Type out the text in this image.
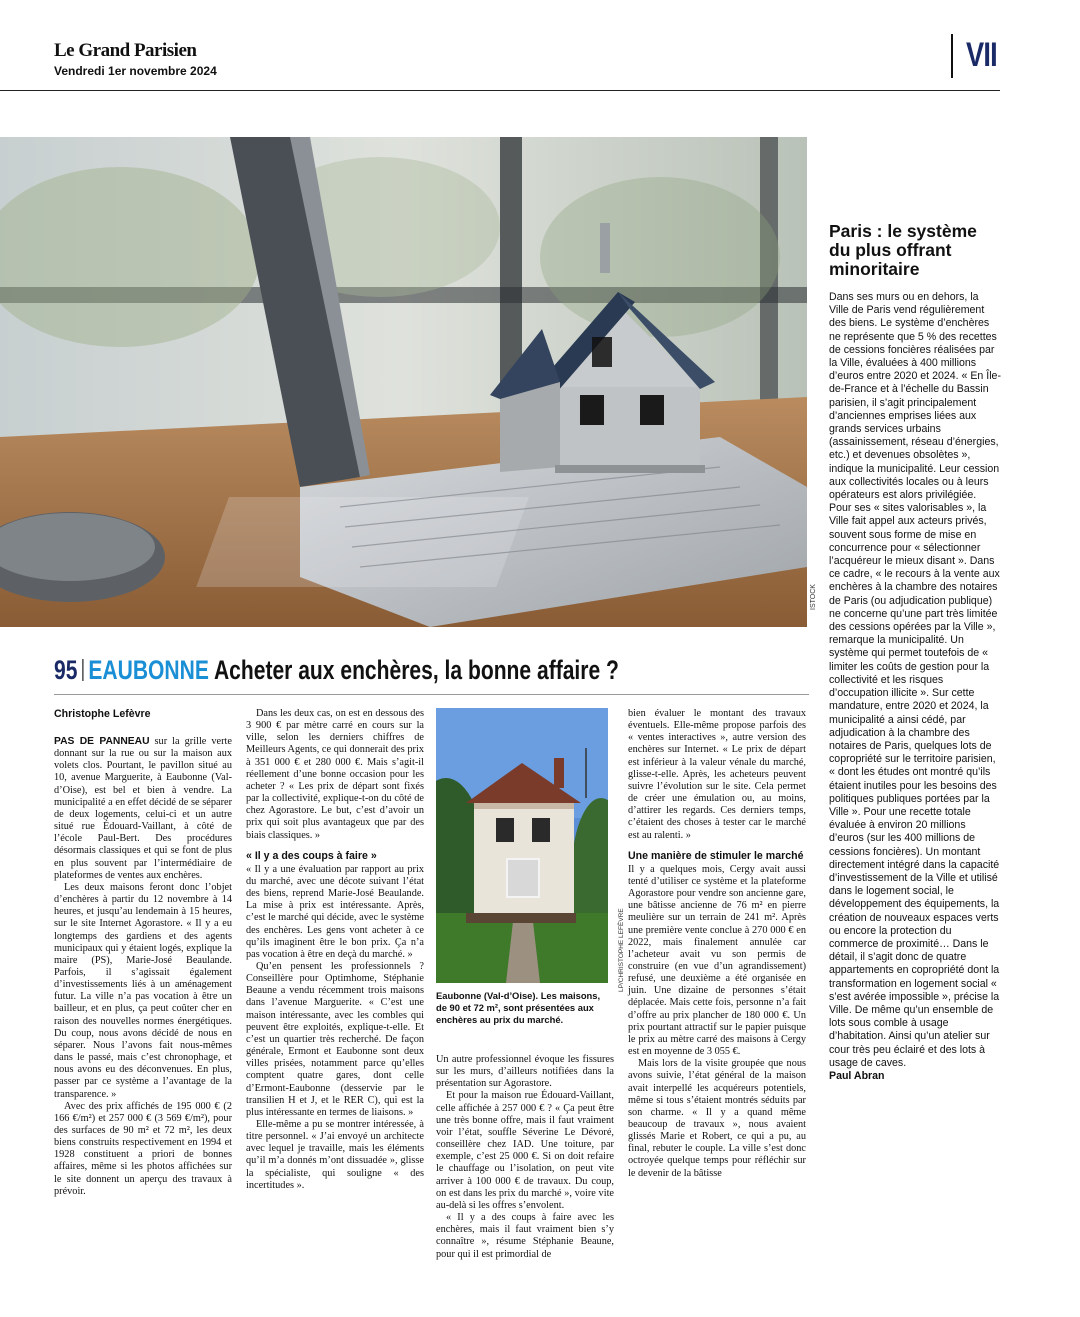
Le Grand Parisien
Vendredi 1er novembre 2024	VII
ISTOCK
Paris : le système du plus offrant minoritaire

Dans ses murs ou en dehors, la Ville de Paris vend régulièrement des biens. Le système d’enchères ne représente que 5 % des recettes de cessions foncières réalisées par la Ville, évaluées à 400 millions d’euros entre 2020 et 2024. « En Île-de-France et à l’échelle du Bassin parisien, il s’agit principalement d’anciennes emprises liées aux grands services urbains (assainissement, réseau d’énergies, etc.) et devenues obsolètes », indique la municipalité. Leur cession aux collectivités locales ou à leurs opérateurs est alors privilégiée. Pour ses « sites valorisables », la Ville fait appel aux acteurs privés, souvent sous forme de mise en concurrence pour « sélectionner l’acquéreur le mieux disant ». Dans ce cadre, « le recours à la vente aux enchères à la chambre des notaires de Paris (ou adjudication publique) ne concerne qu’une part très limitée des cessions opérées par la Ville », remarque la municipalité. Un système qui permet toutefois de « limiter les coûts de gestion pour la collectivité et les risques d’occupation illicite ». Sur cette mandature, entre 2020 et 2024, la municipalité a ainsi cédé, par adjudication à la chambre des notaires de Paris, quelques lots de copropriété sur le territoire parisien, « dont les études ont montré qu’ils étaient inutiles pour les besoins des politiques publiques portées par la Ville ». Pour une recette totale évaluée à environ 20 millions d’euros (sur les 400 millions de cessions foncières). Un montant directement intégré dans la capacité d’investissement de la Ville et utilisé dans le logement social, le développement des équipements, la création de nouveaux espaces verts ou encore la protection du commerce de proximité… Dans le détail, il s’agit donc de quatre appartements en copropriété dont la transformation en logement social « s’est avérée impossible », précise la Ville. De même qu’un ensemble de lots sous comble à usage d’habitation. Ainsi qu’un atelier sur cour très peu éclairé et des lots à usage de caves.

Paul Abran
95 EAUBONNE Acheter aux enchères, la bonne affaire ?

PAS DE PANNEAU sur la grille verte donnant sur la rue ou sur la maison aux volets clos. Pourtant, le pavillon situé au 10, avenue Marguerite, à Eaubonne (Val-d’Oise), est bel et bien à vendre. La municipalité a en effet décidé de se séparer de deux logements, celui-ci et un autre situé rue Édouard-Vaillant, à côté de l’école Paul-Bert. Des procédures désormais classiques et qui se font de plus en plus souvent par l’intermédiaire de plateformes de ventes aux enchères.

Les deux maisons feront donc l’objet d’enchères à partir du 12 novembre à 14 heures, et jusqu’au lendemain à 15 heures, sur le site Internet Agorastore. « Il y a eu longtemps des gardiens et des agents municipaux qui y étaient logés, explique la maire (PS), Marie-José Beaulande. Parfois, il s’agissait également d’investissements liés à un aménagement futur. La ville n’a pas vocation à être un bailleur, et en plus, ça peut coûter cher en raison des nouvelles normes énergétiques. Du coup, nous avons décidé de nous en séparer. Nous l’avons fait nous-mêmes dans le passé, mais c’est chronophage, et nous avons eu des déconvenues. En plus, passer par ce système a l’avantage de la transparence. »

Avec des prix affichés de 195 000 € (2 166 €/m²) et 257 000 € (3 569 €/m²), pour des surfaces de 90 m² et 72 m², les deux biens construits respectivement en 1994 et 1928 constituent a priori de bonnes affaires, même si les photos affichées sur le site donnent un aperçu des travaux à prévoir.

Christophe Lefèvre	Dans les deux cas, on est en dessous des 3 900 € par mètre carré en cours sur la ville, selon les derniers chiffres de Meilleurs Agents, ce qui donnerait des prix à 351 000 € et 280 000 €. Mais s’agit-il réellement d’une bonne occasion pour les acheter ? « Les prix de départ sont fixés par la collectivité, explique-t-on du côté de chez Agorastore. Le but, c’est d’avoir un prix qui soit plus avantageux que par des biais classiques. »

« Il y a des coups à faire »

« Il y a une évaluation par rapport au prix du marché, avec une décote suivant l’état des biens, reprend Marie-José Beaulande. La mise à prix est intéressante. Après, c’est le marché qui décide, avec le système des enchères. Les gens vont acheter à ce qu’ils imaginent être le bon prix. Ça n’a pas vocation à être en deçà du marché. »

Qu’en pensent les professionnels ? Conseillère pour Optimhome, Stéphanie Beaune a vendu récemment trois maisons dans l’avenue Marguerite. « C’est une maison intéressante, avec les combles qui peuvent être exploités, explique-t-elle. Et c’est un quartier très recherché. De façon générale, Ermont et Eaubonne sont deux villes prisées, notamment parce qu’elles comptent quatre gares, dont celle d’Ermont-Eaubonne (desservie par le transilien H et J, et le RER C), qui est la plus intéressante en termes de liaisons. »

Elle-même a pu se montrer intéressée, à titre personnel. « J’ai envoyé un architecte avec lequel je travaille, mais les éléments qu’il m’a donnés m’ont dissuadée », glisse la spécialiste, qui souligne « des incertitudes ».

LP/CHRISTOPHE LEFÈVRE
Eaubonne (Val-d’Oise). Les maisons, de 90 et 72 m², sont présentées aux enchères au prix du marché.

Un autre professionnel évoque les fissures sur les murs, d’ailleurs notifiées dans la présentation sur Agorastore.

Et pour la maison rue Édouard-Vaillant, celle affichée à 257 000 € ? « Ça peut être une très bonne offre, mais il faut vraiment voir l’état, souffle Séverine Le Dévoré, conseillère chez IAD. Une toiture, par exemple, c’est 25 000 €. Si on doit refaire le chauffage ou l’isolation, on peut vite arriver à 100 000 € de travaux. Du coup, on est dans les prix du marché », voire vite au-delà si les offres s’envolent.

« Il y a des coups à faire avec les enchères, mais il faut vraiment bien s’y connaître », résume Stéphanie Beaune, pour qui il est primordial de

bien évaluer le montant des travaux éventuels. Elle-même propose parfois des « ventes interactives », autre version des enchères sur Internet. « Le prix de départ est inférieur à la valeur vénale du marché, glisse-t-elle. Après, les acheteurs peuvent suivre l’évolution sur le site. Cela permet de créer une émulation ou, au moins, d’attirer les regards. Ces derniers temps, c’étaient des choses à tester car le marché est au ralenti. »

Une manière de stimuler le marché

Il y a quelques mois, Cergy avait aussi tenté d’utiliser ce système et la plateforme Agorastore pour vendre son ancienne gare, une bâtisse ancienne de 76 m² en pierre meulière sur un terrain de 241 m². Après une première vente conclue à 270 000 € en 2022, mais finalement annulée car l’acheteur avait vu son permis de construire (en vue d’un agrandissement) refusé, une deuxième a été organisée en juin. Une dizaine de personnes s’était déplacée. Mais cette fois, personne n’a fait d’offre au prix plancher de 180 000 €. Un prix pourtant attractif sur le papier puisque le prix au mètre carré des maisons à Cergy est en moyenne de 3 055 €.

Mais lors de la visite groupée que nous avons suivie, l’état général de la maison avait interpellé les acquéreurs potentiels, même si tous s’étaient montrés séduits par son charme. « Il y a quand même beaucoup de travaux », nous avaient glissés Marie et Robert, ce qui a pu, au final, rebuter le couple. La ville s’est donc octroyée quelque temps pour réfléchir sur le devenir de la bâtisse
